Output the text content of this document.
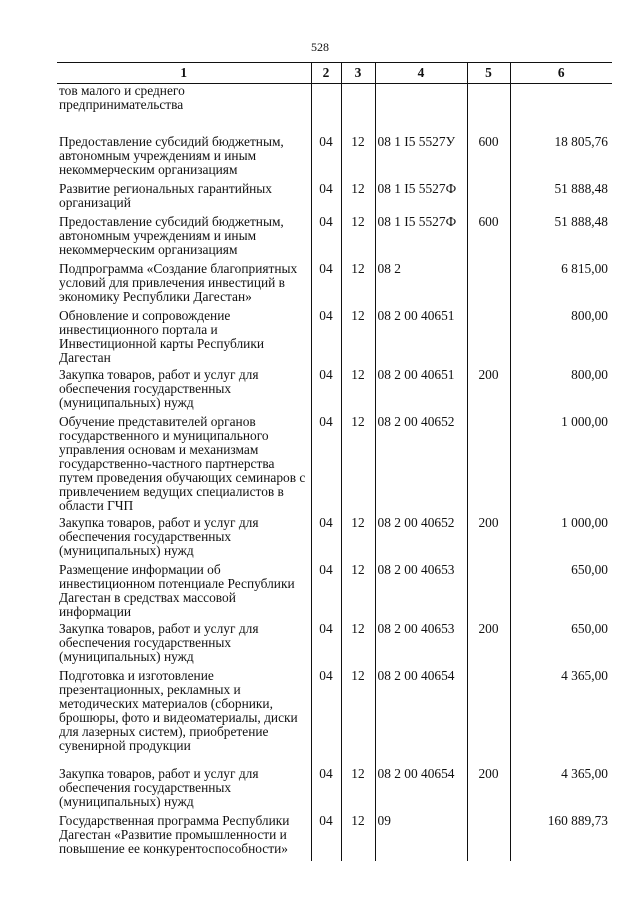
528
1	2	3	4	5	6
тов малого и среднего предпринимательства					
Предоставление субсидий бюджетным, автономным учреждениям и иным некоммерческим организациям	04	12	08 1 I5 5527У	600	18 805,76
Развитие региональных гарантийных организаций	04	12	08 1 I5 5527Ф		51 888,48
Предоставление субсидий бюджетным, автономным учреждениям и иным некоммерческим организациям	04	12	08 1 I5 5527Ф	600	51 888,48
Подпрограмма «Создание благоприятных условий для привлечения инвестиций в экономику Республики Дагестан»	04	12	08 2		6 815,00
Обновление и сопровождение инвестиционного портала и Инвестиционной карты Республики Дагестан	04	12	08 2 00 40651		800,00
Закупка товаров, работ и услуг для обеспечения государственных (муниципальных) нужд	04	12	08 2 00 40651	200	800,00
Обучение представителей органов государственного и муниципального управления основам и механизмам государственно-частного партнерства путем проведения обучающих семинаров с привлечением ведущих специалистов в области ГЧП	04	12	08 2 00 40652		1 000,00
Закупка товаров, работ и услуг для обеспечения государственных (муниципальных) нужд	04	12	08 2 00 40652	200	1 000,00
Размещение информации об инвестиционном потенциале Республики Дагестан в средствах массовой информации	04	12	08 2 00 40653		650,00
Закупка товаров, работ и услуг для обеспечения государственных (муниципальных) нужд	04	12	08 2 00 40653	200	650,00
Подготовка и изготовление презентационных, рекламных и методических материалов (сборники, брошюры, фото и видеоматериалы, диски для лазерных систем), приобретение сувенирной продукции	04	12	08 2 00 40654		4 365,00
Закупка товаров, работ и услуг для обеспечения государственных (муниципальных) нужд	04	12	08 2 00 40654	200	4 365,00
Государственная программа Республики Дагестан «Развитие промышленности и повышение ее конкурентоспособности»	04	12	09		160 889,73
